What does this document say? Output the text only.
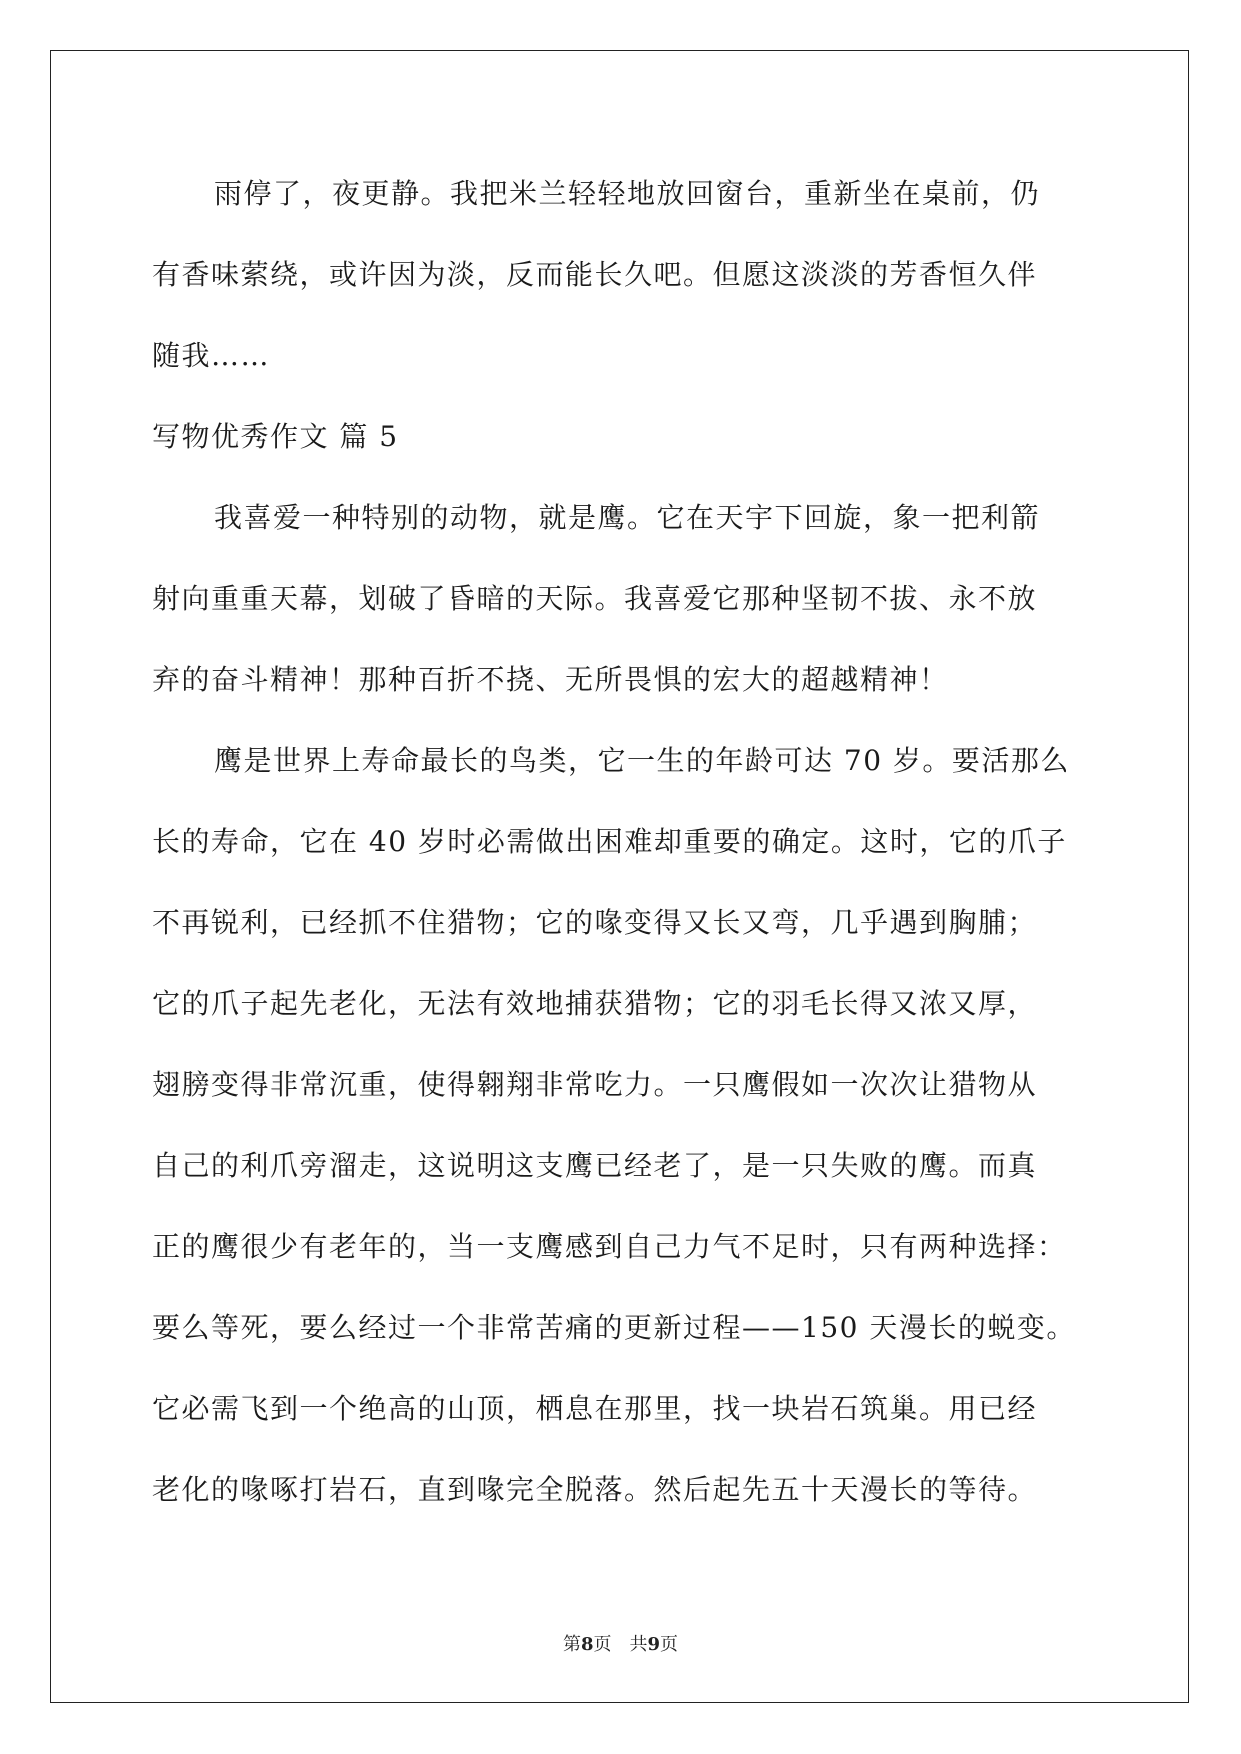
雨停了，夜更静。我把米兰轻轻地放回窗台，重新坐在桌前，仍
有香味萦绕，或许因为淡，反而能长久吧。但愿这淡淡的芳香恒久伴
随我……

写物优秀作文 篇 5

我喜爱一种特别的动物，就是鹰。它在天宇下回旋，象一把利箭
射向重重天幕，划破了昏暗的天际。我喜爱它那种坚韧不拔、永不放
弃的奋斗精神！那种百折不挠、无所畏惧的宏大的超越精神！

鹰是世界上寿命最长的鸟类，它一生的年龄可达 70 岁。要活那么
长的寿命，它在 40 岁时必需做出困难却重要的确定。这时，它的爪子
不再锐利，已经抓不住猎物；它的喙变得又长又弯，几乎遇到胸脯；
它的爪子起先老化，无法有效地捕获猎物；它的羽毛长得又浓又厚，
翅膀变得非常沉重，使得翱翔非常吃力。一只鹰假如一次次让猎物从
自己的利爪旁溜走，这说明这支鹰已经老了，是一只失败的鹰。而真
正的鹰很少有老年的，当一支鹰感到自己力气不足时，只有两种选择：
要么等死，要么经过一个非常苦痛的更新过程——150 天漫长的蜕变。
它必需飞到一个绝高的山顶，栖息在那里，找一块岩石筑巢。用已经
老化的喙啄打岩石，直到喙完全脱落。然后起先五十天漫长的等待。

第8页　共9页
